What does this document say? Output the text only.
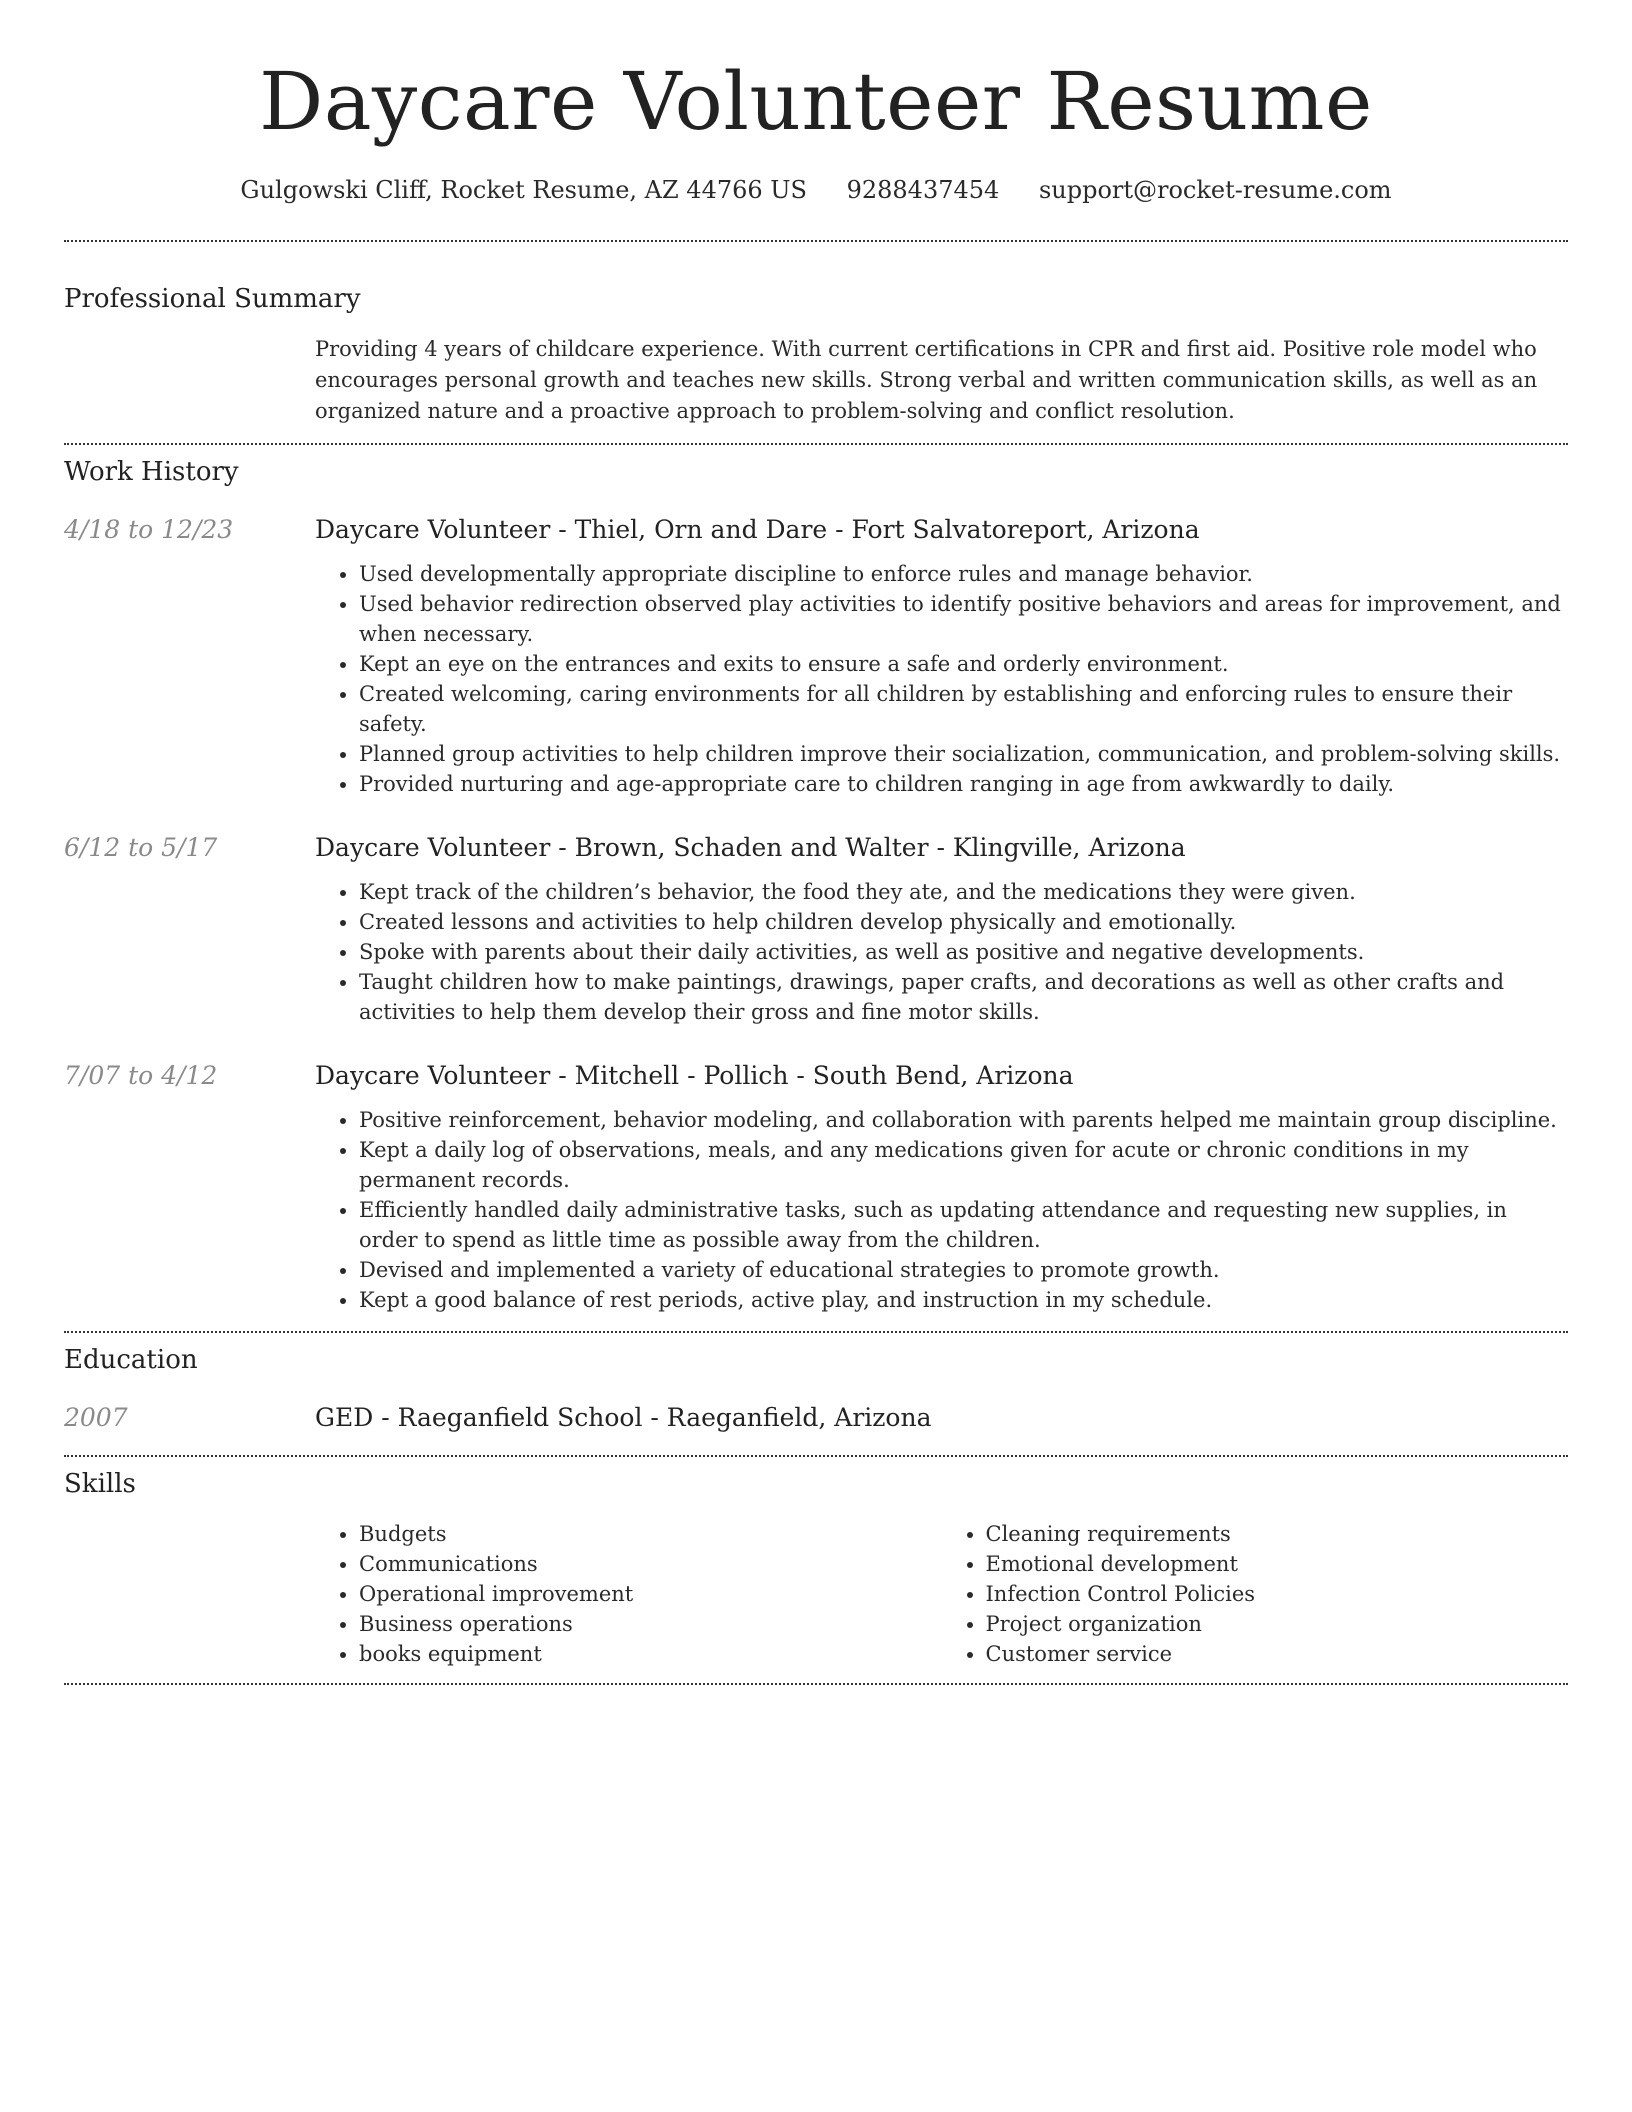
Daycare Volunteer Resume
Gulgowski Cliff, Rocket Resume, AZ 44766 US 9288437454 support@rocket-resume.com
Professional Summary

Providing 4 years of childcare experience. With current certifications in CPR and first aid. Positive role model who encourages personal growth and teaches new skills. Strong verbal and written communication skills, as well as an organized nature and a proactive approach to problem-solving and conflict resolution.

Work History
4/18 to 12/23	Daycare Volunteer - Thiel, Orn and Dare - Fort Salvatoreport, Arizona
• Used developmentally appropriate discipline to enforce rules and manage behavior.
• Used behavior redirection observed play activities to identify positive behaviors and areas for improvement, and when necessary.
• Kept an eye on the entrances and exits to ensure a safe and orderly environment.
• Created welcoming, caring environments for all children by establishing and enforcing rules to ensure their safety.
• Planned group activities to help children improve their socialization, communication, and problem-solving skills.
• Provided nurturing and age-appropriate care to children ranging in age from awkwardly to daily.
6/12 to 5/17	Daycare Volunteer - Brown, Schaden and Walter - Klingville, Arizona
• Kept track of the children’s behavior, the food they ate, and the medications they were given.
• Created lessons and activities to help children develop physically and emotionally.
• Spoke with parents about their daily activities, as well as positive and negative developments.
• Taught children how to make paintings, drawings, paper crafts, and decorations as well as other crafts and activities to help them develop their gross and fine motor skills.
7/07 to 4/12	Daycare Volunteer - Mitchell - Pollich - South Bend, Arizona
• Positive reinforcement, behavior modeling, and collaboration with parents helped me maintain group discipline.
• Kept a daily log of observations, meals, and any medications given for acute or chronic conditions in my permanent records.
• Efficiently handled daily administrative tasks, such as updating attendance and requesting new supplies, in order to spend as little time as possible away from the children.
• Devised and implemented a variety of educational strategies to promote growth.
• Kept a good balance of rest periods, active play, and instruction in my schedule.
Education
2007	GED - Raeganfield School - Raeganfield, Arizona
Skills
• Budgets
• Communications
• Operational improvement
• Business operations
• books equipment
• Cleaning requirements
• Emotional development
• Infection Control Policies
• Project organization
• Customer service
